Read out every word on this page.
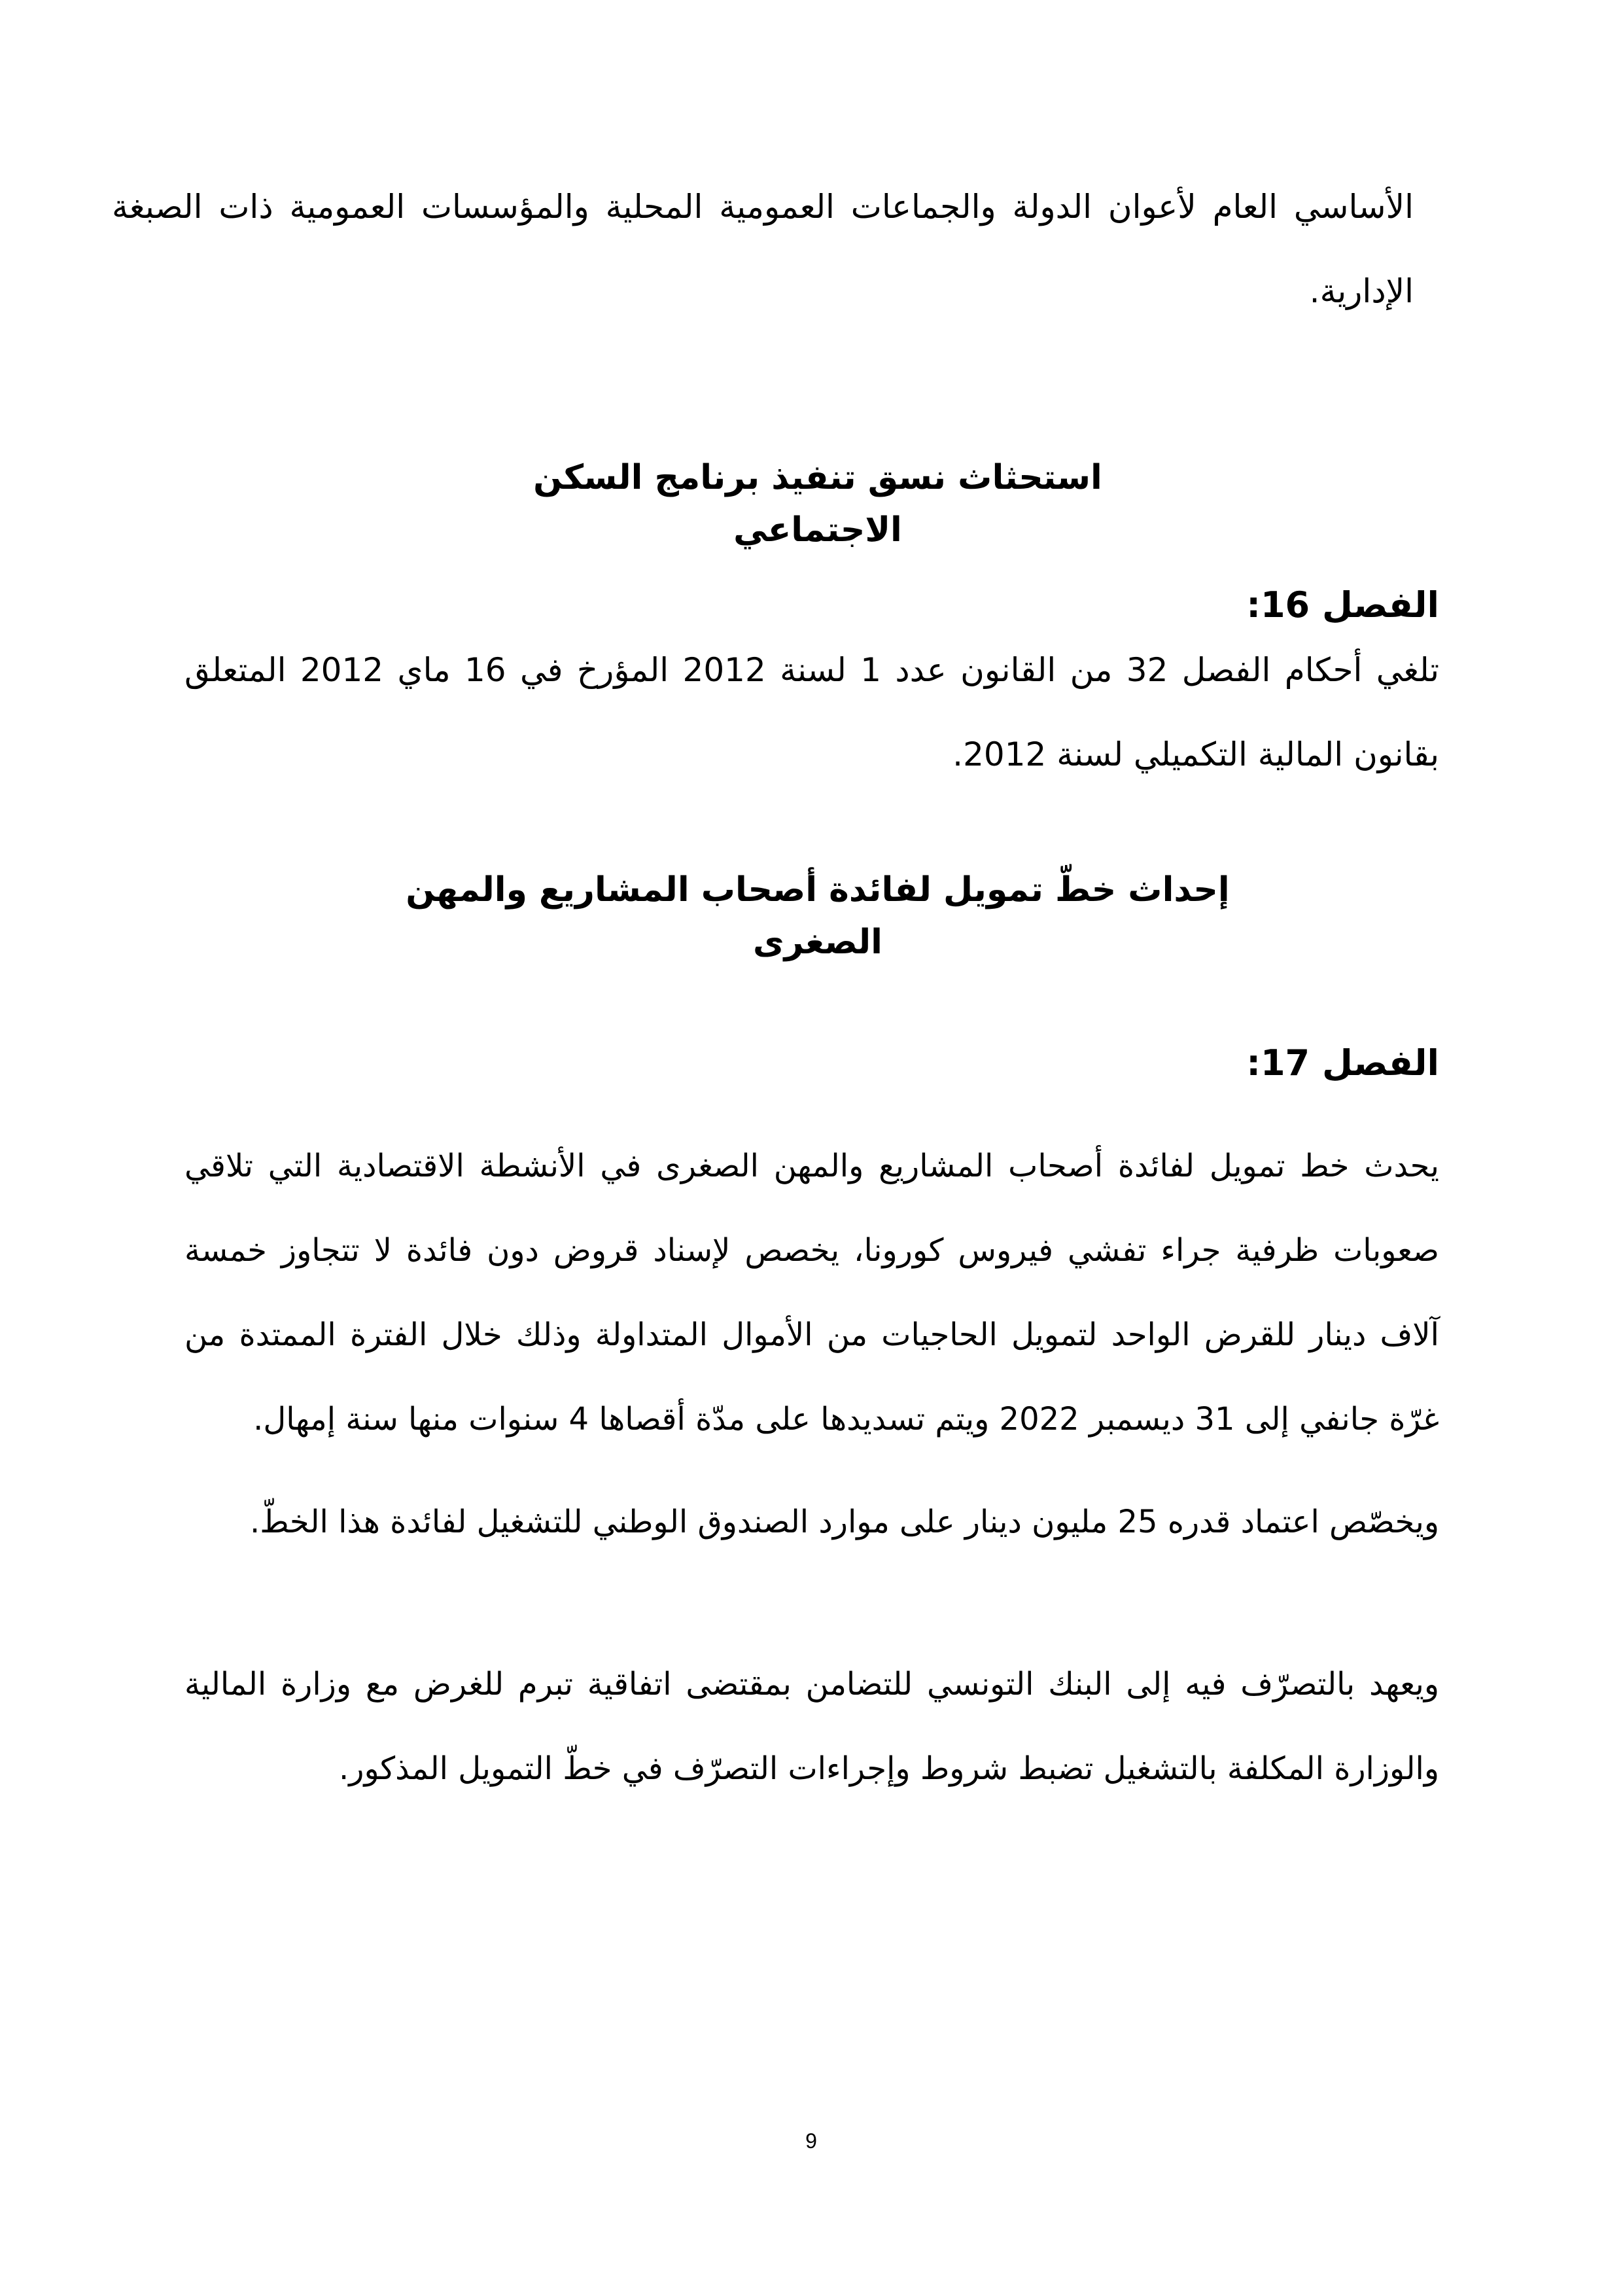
الأساسي العام لأعوان الدولة والجماعات العمومية المحلية والمؤسسات العمومية ذات الصبغة الإدارية.

استحثاث نسق تنفيذ برنامج السكن الاجتماعي
الفصل 16:

تلغي أحكام الفصل 32 من القانون عدد 1 لسنة 2012 المؤرخ في 16 ماي 2012 المتعلق بقانون المالية التكميلي لسنة 2012.

إحداث خطّ تمويل لفائدة أصحاب المشاريع والمهن الصغرى
الفصل 17:

يحدث خط تمويل لفائدة أصحاب المشاريع والمهن الصغرى في الأنشطة الاقتصادية التي تلاقي صعوبات ظرفية جراء تفشي فيروس كورونا، يخصص لإسناد قروض دون فائدة لا تتجاوز خمسة آلاف دينار للقرض الواحد لتمويل الحاجيات من الأموال المتداولة وذلك خلال الفترة الممتدة من غرّة جانفي إلى 31 ديسمبر 2022 ويتم تسديدها على مدّة أقصاها 4 سنوات منها سنة إمهال.

ويخصّص اعتماد قدره 25 مليون دينار على موارد الصندوق الوطني للتشغيل لفائدة هذا الخطّ.

ويعهد بالتصرّف فيه إلى البنك التونسي للتضامن بمقتضى اتفاقية تبرم للغرض مع وزارة المالية والوزارة المكلفة بالتشغيل تضبط شروط وإجراءات التصرّف في خطّ التمويل المذكور.

9
